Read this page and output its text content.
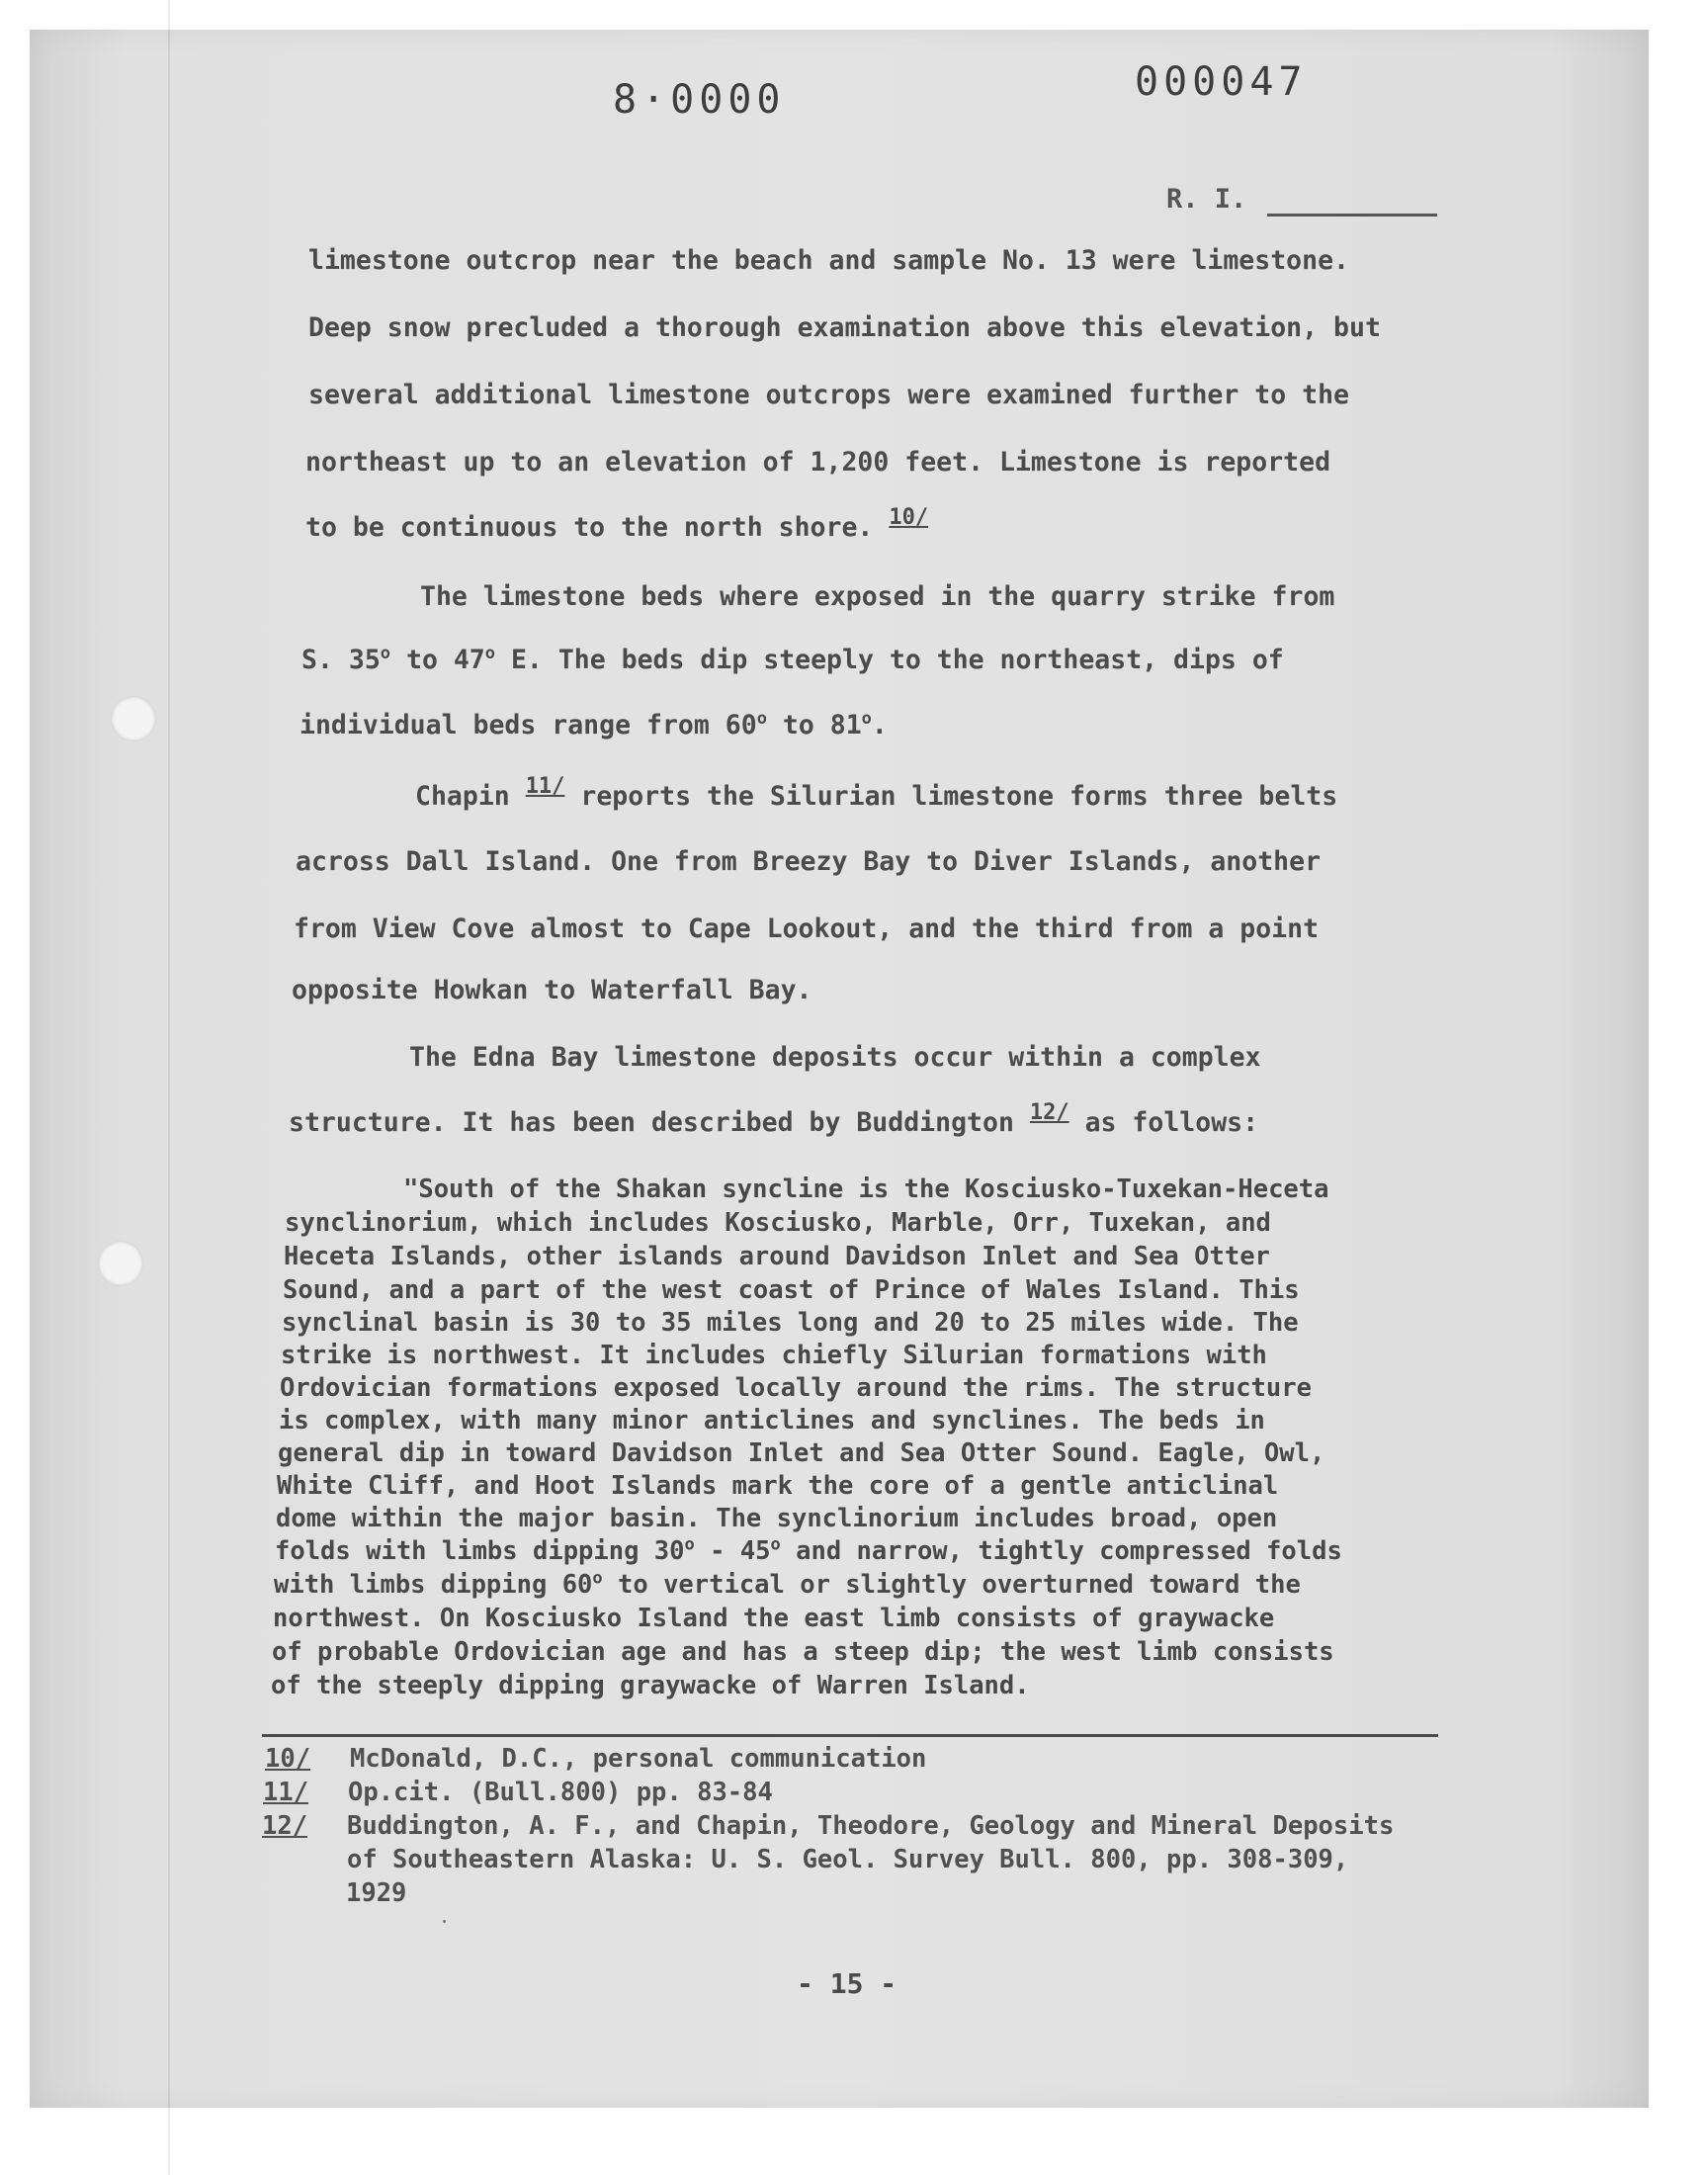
8·0000	000047
R. I.
limestone outcrop near the beach and sample No. 13 were limestone.
Deep snow precluded a thorough examination above this elevation, but
several additional limestone outcrops were examined further to the
northeast up to an elevation of 1,200 feet. Limestone is reported
to be continuous to the north shore. $^{10/}$
The limestone beds where exposed in the quarry strike from
S. 35$^o$ to 47$^o$ E. The beds dip steeply to the northeast, dips of
individual beds range from 60$^o$ to 81$^o$.
Chapin $^{11/}$ reports the Silurian limestone forms three belts
across Dall Island. One from Breezy Bay to Diver Islands, another
from View Cove almost to Cape Lookout, and the third from a point
opposite Howkan to Waterfall Bay.
The Edna Bay limestone deposits occur within a complex
structure. It has been described by Buddington $^{12/}$ as follows:
"South of the Shakan syncline is the Kosciusko-Tuxekan-Heceta
synclinorium, which includes Kosciusko, Marble, Orr, Tuxekan, and
Heceta Islands, other islands around Davidson Inlet and Sea Otter
Sound, and a part of the west coast of Prince of Wales Island. This
synclinal basin is 30 to 35 miles long and 20 to 25 miles wide. The
strike is northwest. It includes chiefly Silurian formations with
Ordovician formations exposed locally around the rims. The structure
is complex, with many minor anticlines and synclines. The beds in
general dip in toward Davidson Inlet and Sea Otter Sound. Eagle, Owl,
White Cliff, and Hoot Islands mark the core of a gentle anticlinal
dome within the major basin. The synclinorium includes broad, open
folds with limbs dipping 30$^o$ - 45$^o$ and narrow, tightly compressed folds
with limbs dipping 60$^o$ to vertical or slightly overturned toward the
northwest. On Kosciusko Island the east limb consists of graywacke
of probable Ordovician age and has a steep dip; the west limb consists
of the steeply dipping graywacke of Warren Island.
10/ McDonald, D.C., personal communication
11/ Op.cit. (Bull.800) pp. 83-84
12/ Buddington, A. F., and Chapin, Theodore, Geology and Mineral Deposits
of Southeastern Alaska: U. S. Geol. Survey Bull. 800, pp. 308-309,
1929
- 15 -
